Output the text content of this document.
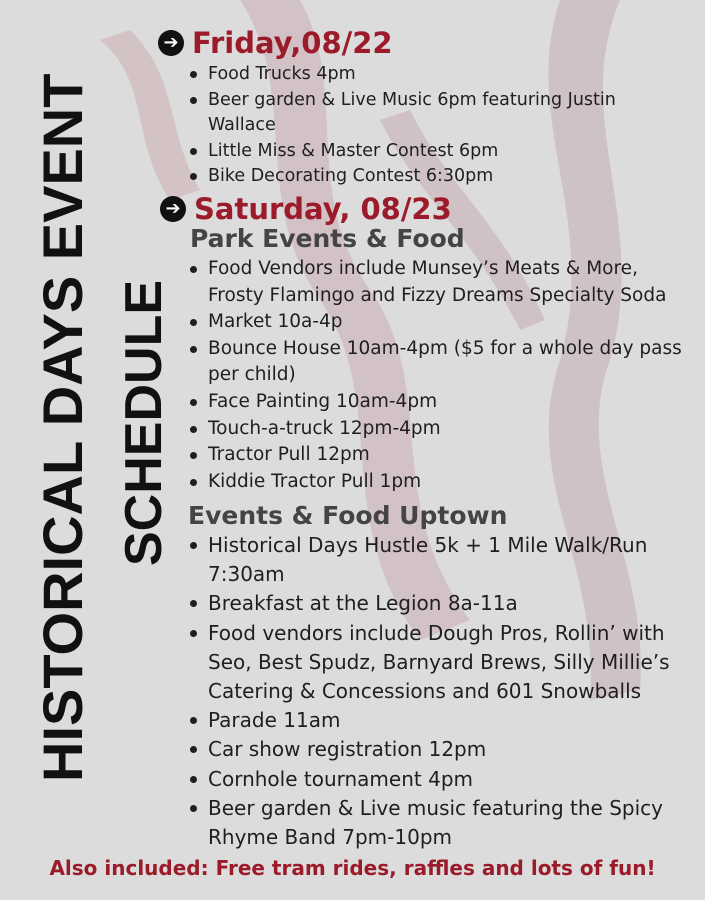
HISTORICAL DAYS EVENT SCHEDULE
➔ Friday,08/22
Food Trucks 4pm
Beer garden & Live Music 6pm featuring Justin Wallace
Little Miss & Master Contest 6pm
Bike Decorating Contest 6:30pm
➔ Saturday, 08/23
Park Events & Food
Food Vendors include Munsey’s Meats & More, Frosty Flamingo and Fizzy Dreams Specialty Soda
Market 10a-4p
Bounce House 10am-4pm ($5 for a whole day pass per child)
Face Painting 10am-4pm
Touch-a-truck 12pm-4pm
Tractor Pull 12pm
Kiddie Tractor Pull 1pm
Events & Food Uptown
Historical Days Hustle 5k + 1 Mile Walk/Run 7:30am
Breakfast at the Legion 8a-11a
Food vendors include Dough Pros, Rollin’ with Seo, Best Spudz, Barnyard Brews, Silly Millie’s Catering & Concessions and 601 Snowballs
Parade 11am
Car show registration 12pm
Cornhole tournament 4pm
Beer garden & Live music featuring the Spicy Rhyme Band 7pm-10pm
Also included: Free tram rides, raffles and lots of fun!
